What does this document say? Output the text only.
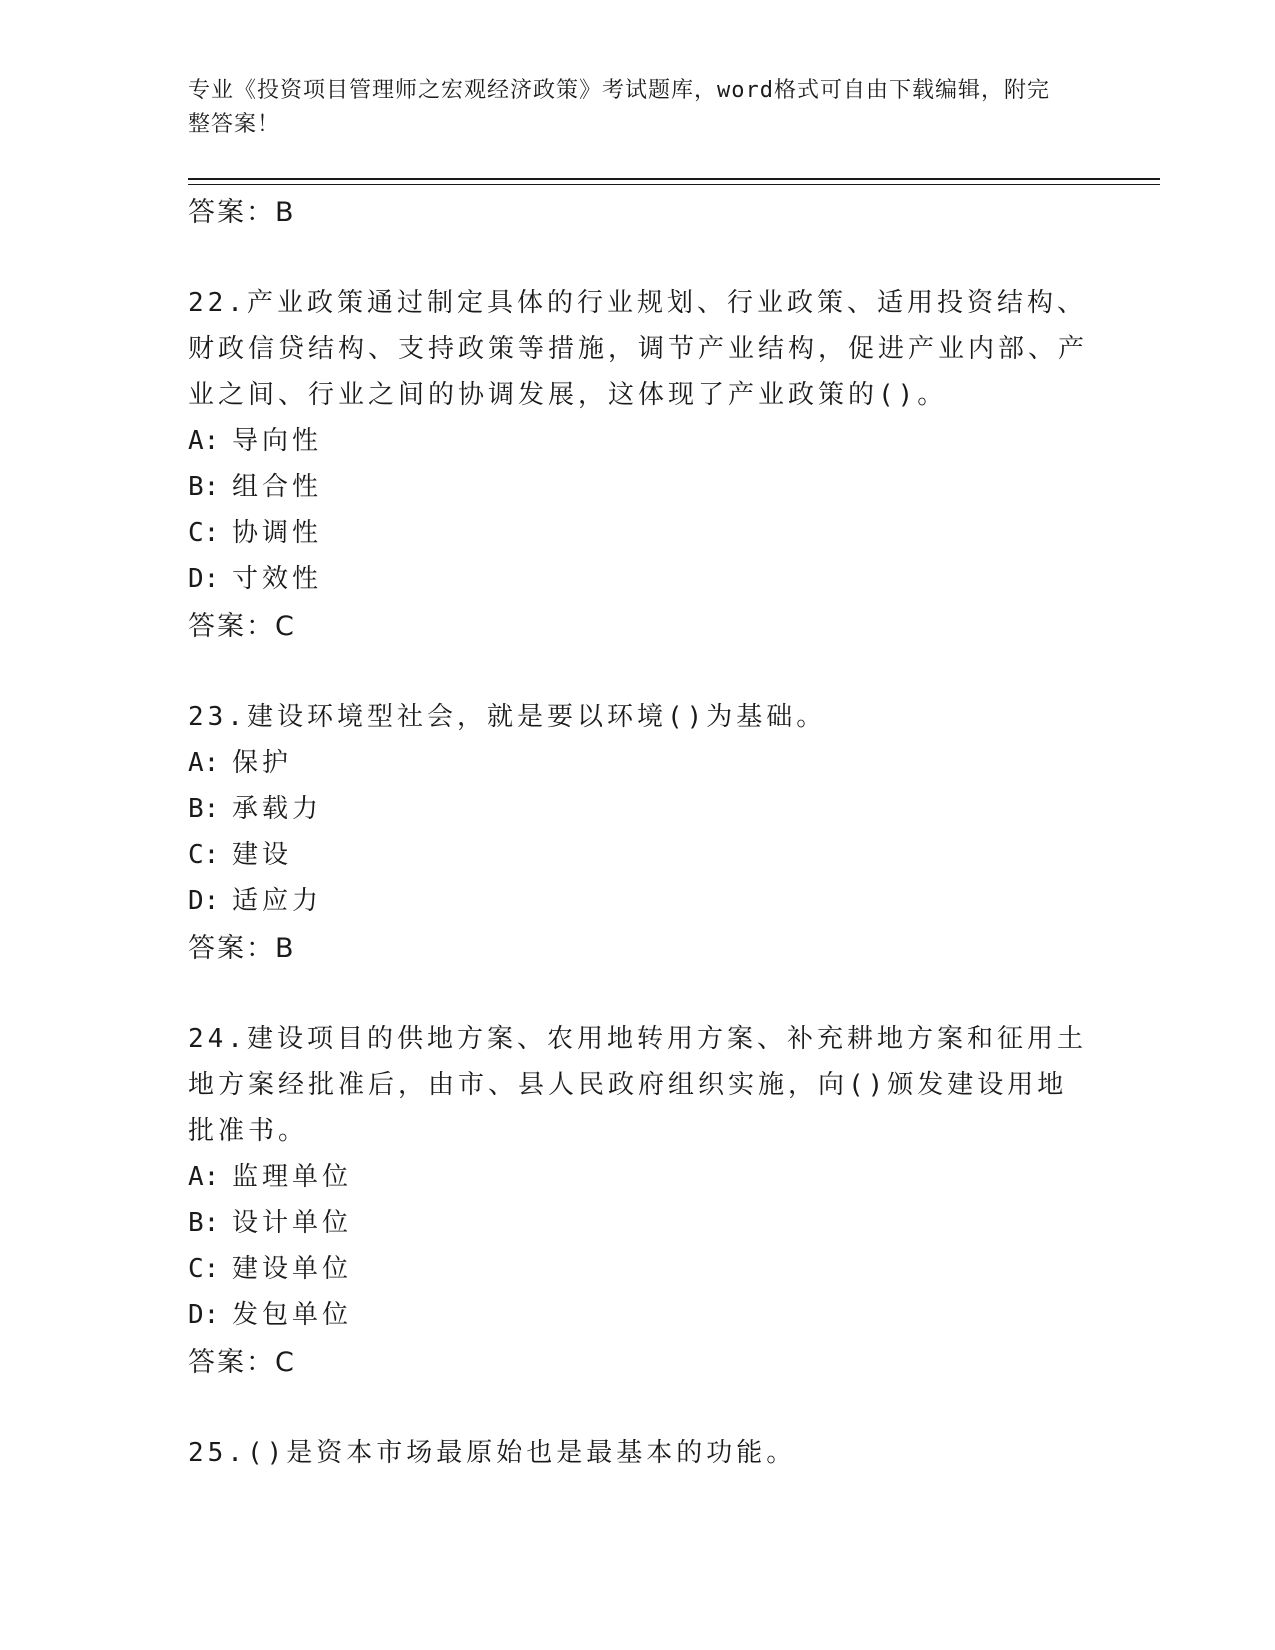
专业《投资项目管理师之宏观经济政策》考试题库，word格式可自由下载编辑，附完整答案！
答案：B

22.产业政策通过制定具体的行业规划、行业政策、适用投资结构、财政信贷结构、支持政策等措施，调节产业结构，促进产业内部、产业之间、行业之间的协调发展，这体现了产业政策的()。

A: 导向性

B: 组合性

C: 协调性

D: 寸效性

答案：C

23.建设环境型社会，就是要以环境()为基础。

A: 保护

B: 承载力

C: 建设

D: 适应力

答案：B

24.建设项目的供地方案、农用地转用方案、补充耕地方案和征用土地方案经批准后，由市、县人民政府组织实施，向()颁发建设用地批准书。

A: 监理单位

B: 设计单位

C: 建设单位

D: 发包单位

答案：C

25.()是资本市场最原始也是最基本的功能。
